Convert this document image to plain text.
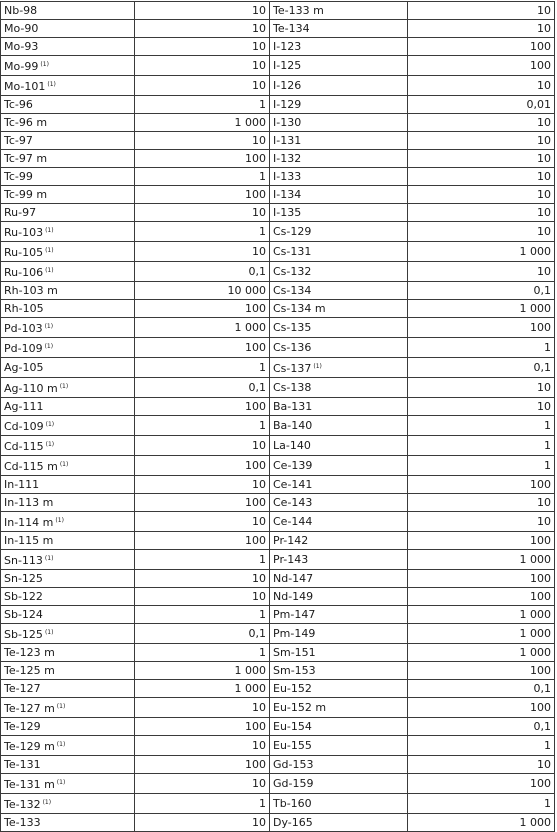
Nb-98	10	Te-133 m	10
Mo-90	10	Te-134	10
Mo-93	10	I-123	100
Mo-99 $^{(1)}$	10	I-125	100
Mo-101 $^{(1)}$	10	I-126	10
Tc-96	1	I-129	0,01
Tc-96 m	1 000	I-130	10
Tc-97	10	I-131	10
Tc-97 m	100	I-132	10
Tc-99	1	I-133	10
Tc-99 m	100	I-134	10
Ru-97	10	I-135	10
Ru-103 $^{(1)}$	1	Cs-129	10
Ru-105 $^{(1)}$	10	Cs-131	1 000
Ru-106 $^{(1)}$	0,1	Cs-132	10
Rh-103 m	10 000	Cs-134	0,1
Rh-105	100	Cs-134 m	1 000
Pd-103 $^{(1)}$	1 000	Cs-135	100
Pd-109 $^{(1)}$	100	Cs-136	1
Ag-105	1	Cs-137 $^{(1)}$	0,1
Ag-110 m $^{(1)}$	0,1	Cs-138	10
Ag-111	100	Ba-131	10
Cd-109 $^{(1)}$	1	Ba-140	1
Cd-115 $^{(1)}$	10	La-140	1
Cd-115 m $^{(1)}$	100	Ce-139	1
In-111	10	Ce-141	100
In-113 m	100	Ce-143	10
In-114 m $^{(1)}$	10	Ce-144	10
In-115 m	100	Pr-142	100
Sn-113 $^{(1)}$	1	Pr-143	1 000
Sn-125	10	Nd-147	100
Sb-122	10	Nd-149	100
Sb-124	1	Pm-147	1 000
Sb-125 $^{(1)}$	0,1	Pm-149	1 000
Te-123 m	1	Sm-151	1 000
Te-125 m	1 000	Sm-153	100
Te-127	1 000	Eu-152	0,1
Te-127 m $^{(1)}$	10	Eu-152 m	100
Te-129	100	Eu-154	0,1
Te-129 m $^{(1)}$	10	Eu-155	1
Te-131	100	Gd-153	10
Te-131 m $^{(1)}$	10	Gd-159	100
Te-132 $^{(1)}$	1	Tb-160	1
Te-133	10	Dy-165	1 000
